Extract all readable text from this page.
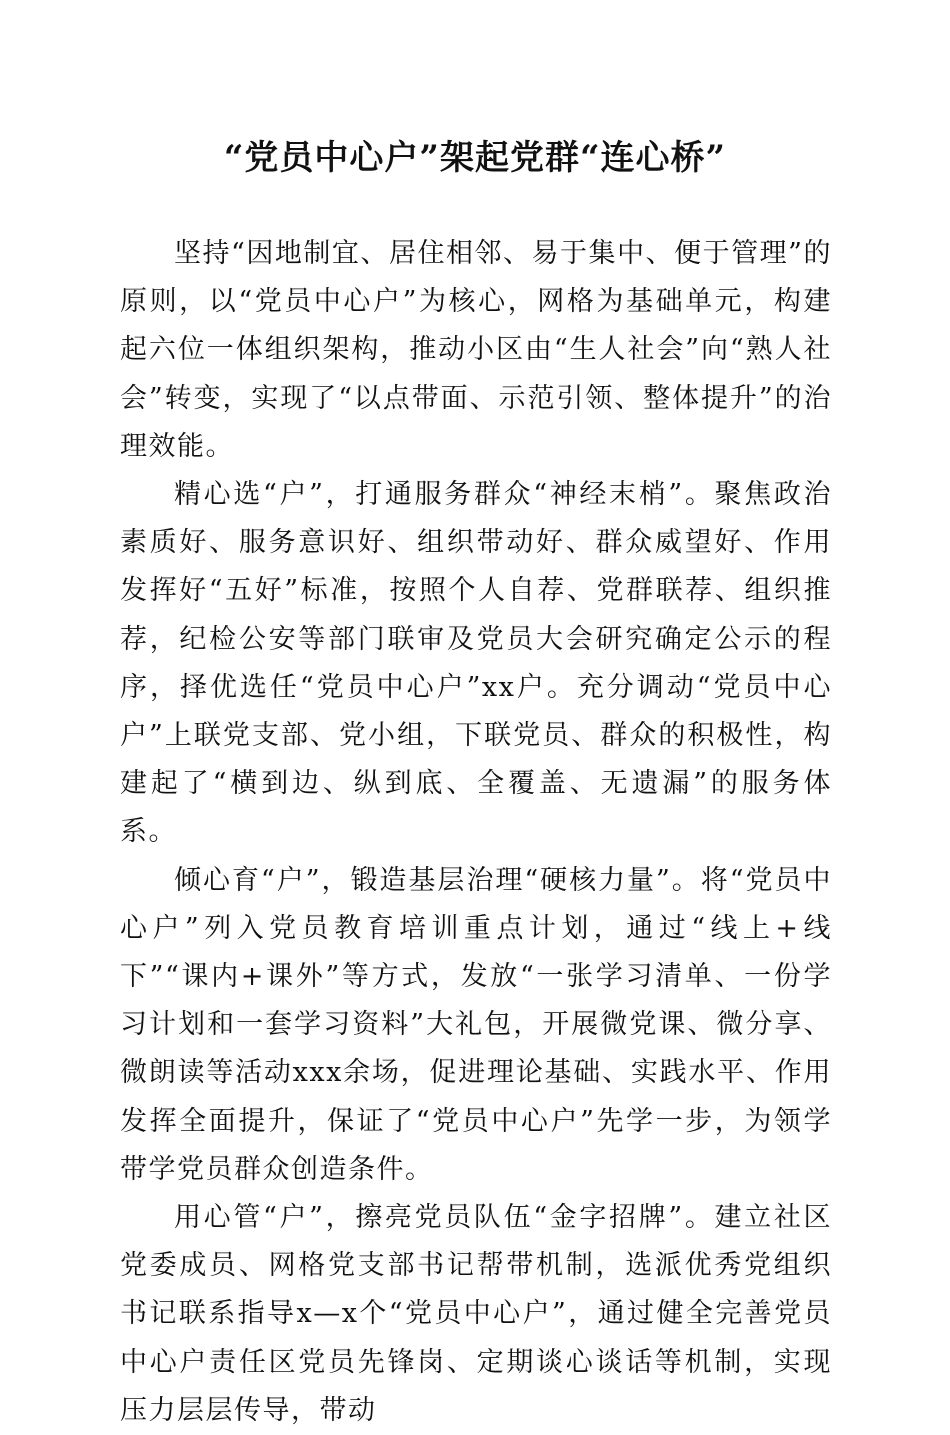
“党员中心户”架起党群“连心桥”

坚持“因地制宜、居住相邻、易于集中、便于管理”的原则，以“党员中心户”为核心，网格为基础单元，构建起六位一体组织架构，推动小区由“生人社会”向“熟人社会”转变，实现了“以点带面、示范引领、整体提升”的治理效能。

精心选“户”，打通服务群众“神经末梢”。聚焦政治素质好、服务意识好、组织带动好、群众威望好、作用发挥好“五好”标准，按照个人自荐、党群联荐、组织推荐，纪检公安等部门联审及党员大会研究确定公示的程序，择优选任“党员中心户”xx户。充分调动“党员中心户”上联党支部、党小组，下联党员、群众的积极性，构建起了“横到边、纵到底、全覆盖、无遗漏”的服务体系。

倾心育“户”，锻造基层治理“硬核力量”。将“党员中心户”列入党员教育培训重点计划，通过“线上+线下”“课内+课外”等方式，发放“一张学习清单、一份学习计划和一套学习资料”大礼包，开展微党课、微分享、微朗读等活动xxx余场，促进理论基础、实践水平、作用发挥全面提升，保证了“党员中心户”先学一步，为领学带学党员群众创造条件。

用心管“户”，擦亮党员队伍“金字招牌”。建立社区党委成员、网格党支部书记帮带机制，选派优秀党组织书记联系指导x—x个“党员中心户”，通过健全完善党员中心户责任区党员先锋岗、定期谈心谈话等机制，实现压力层层传导，带动
